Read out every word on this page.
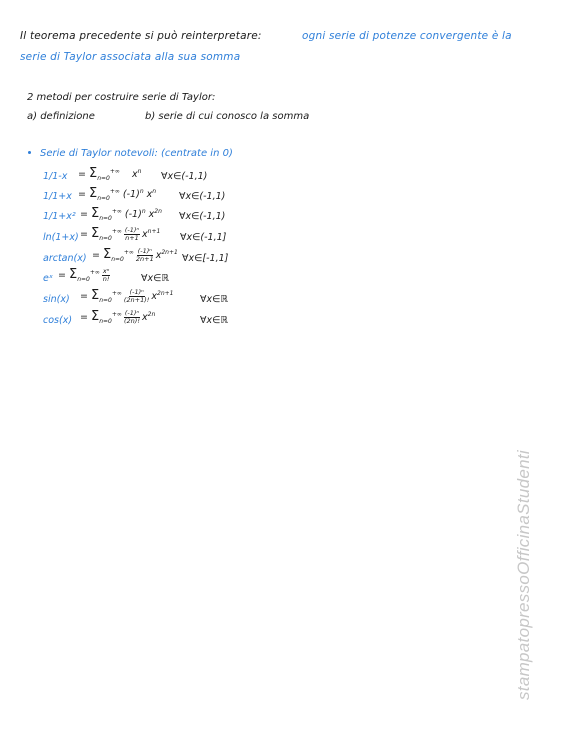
Il teorema precedente si può reinterpretare:	ogni serie di potenze convergente è la
serie di Taylor associata alla sua somma
2 metodi per costruire serie di Taylor:
a) definizione	b) serie di cui conosco la somma
Serie di Taylor notevoli: (centrate in 0)
$1/1-x = \Sigma_{n=0}^{+\infty}$    $x^n$ ∀x∈(-1,1)
$1/1+x = \Sigma_{n=0}^{+\infty}$ $(-1)^n$ $x^n$ ∀x∈(-1,1)
$1/1+x^2 = \Sigma_{n=0}^{+\infty}$ $(-1)^n$ $x^{2n}$ ∀x∈(-1,1)
$\ln(1+x) = \Sigma_{n=0}^{+\infty} \frac{\text{(-1)ⁿ}}{n+1} x^{n+1}$
∀x∈(-1,1]
$\arctan(x) = \Sigma_{n=0}^{+\infty} \frac{\text{(-1)ⁿ}}{2n+1} x^{2n+1}$
∀x∈[-1,1]
eˣ = $\Sigma_{n=0}^{+\infty} \frac{\text{xⁿ}}{n!}$	∀x∈ℝ
$\sin(x) = \Sigma_{n=0}^{+\infty} \frac{\text{(-1)ⁿ}}{(2n+1)!} x^{2n+1}$
∀x∈ℝ
$\cos(x) = \Sigma_{n=0}^{+\infty} \frac{\text{(-1)ⁿ}}{(2n)!} x^{2n}$
∀x∈ℝ
stampatopressoOfficinaStudenti
